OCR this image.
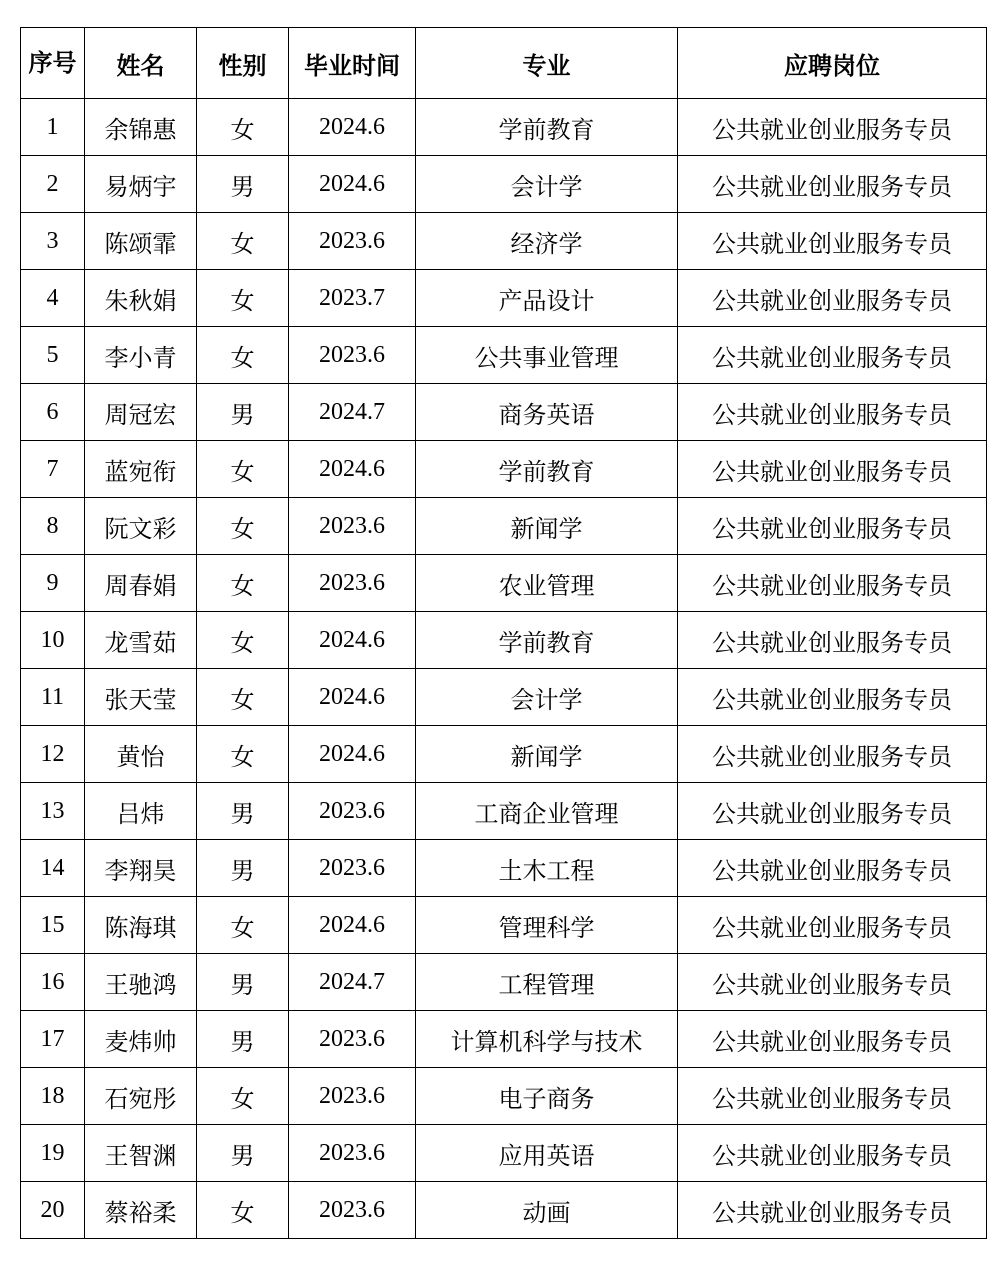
序号	姓名	性别	毕业时间	专业	应聘岗位
1	余锦惠	女	2024.6	学前教育	公共就业创业服务专员
2	易炳宇	男	2024.6	会计学	公共就业创业服务专员
3	陈颂霏	女	2023.6	经济学	公共就业创业服务专员
4	朱秋娟	女	2023.7	产品设计	公共就业创业服务专员
5	李小青	女	2023.6	公共事业管理	公共就业创业服务专员
6	周冠宏	男	2024.7	商务英语	公共就业创业服务专员
7	蓝宛衔	女	2024.6	学前教育	公共就业创业服务专员
8	阮文彩	女	2023.6	新闻学	公共就业创业服务专员
9	周春娟	女	2023.6	农业管理	公共就业创业服务专员
10	龙雪茹	女	2024.6	学前教育	公共就业创业服务专员
11	张天莹	女	2024.6	会计学	公共就业创业服务专员
12	黄怡	女	2024.6	新闻学	公共就业创业服务专员
13	吕炜	男	2023.6	工商企业管理	公共就业创业服务专员
14	李翔昊	男	2023.6	土木工程	公共就业创业服务专员
15	陈海琪	女	2024.6	管理科学	公共就业创业服务专员
16	王驰鸿	男	2024.7	工程管理	公共就业创业服务专员
17	麦炜帅	男	2023.6	计算机科学与技术	公共就业创业服务专员
18	石宛彤	女	2023.6	电子商务	公共就业创业服务专员
19	王智渊	男	2023.6	应用英语	公共就业创业服务专员
20	蔡裕柔	女	2023.6	动画	公共就业创业服务专员
